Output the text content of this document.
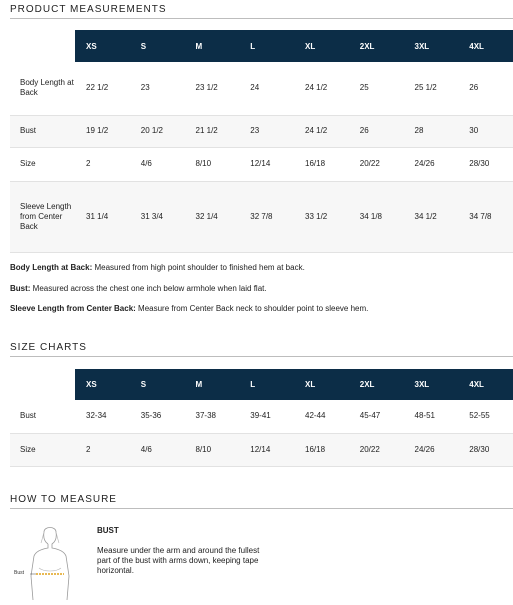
PRODUCT MEASUREMENTS
	XS	S	M	L	XL	2XL	3XL	4XL
Body Length at Back	22 1/2	23	23 1/2	24	24 1/2	25	25 1/2	26
Bust	19 1/2	20 1/2	21 1/2	23	24 1/2	26	28	30
Size	2	4/6	8/10	12/14	16/18	20/22	24/26	28/30
Sleeve Length from Center Back	31 1/4	31 3/4	32 1/4	32 7/8	33 1/2	34 1/8	34 1/2	34 7/8
Body Length at Back: Measured from high point shoulder to finished hem at back.
Bust: Measured across the chest one inch below armhole when laid flat.
Sleeve Length from Center Back: Measure from Center Back neck to shoulder point to sleeve hem.
SIZE CHARTS
	XS	S	M	L	XL	2XL	3XL	4XL
Bust	32-34	35-36	37-38	39-41	42-44	45-47	48-51	52-55
Size	2	4/6	8/10	12/14	16/18	20/22	24/26	28/30
HOW TO MEASURE
Bust
BUST
Measure under the arm and around the fullest part of the bust with arms down, keeping tape horizontal.
